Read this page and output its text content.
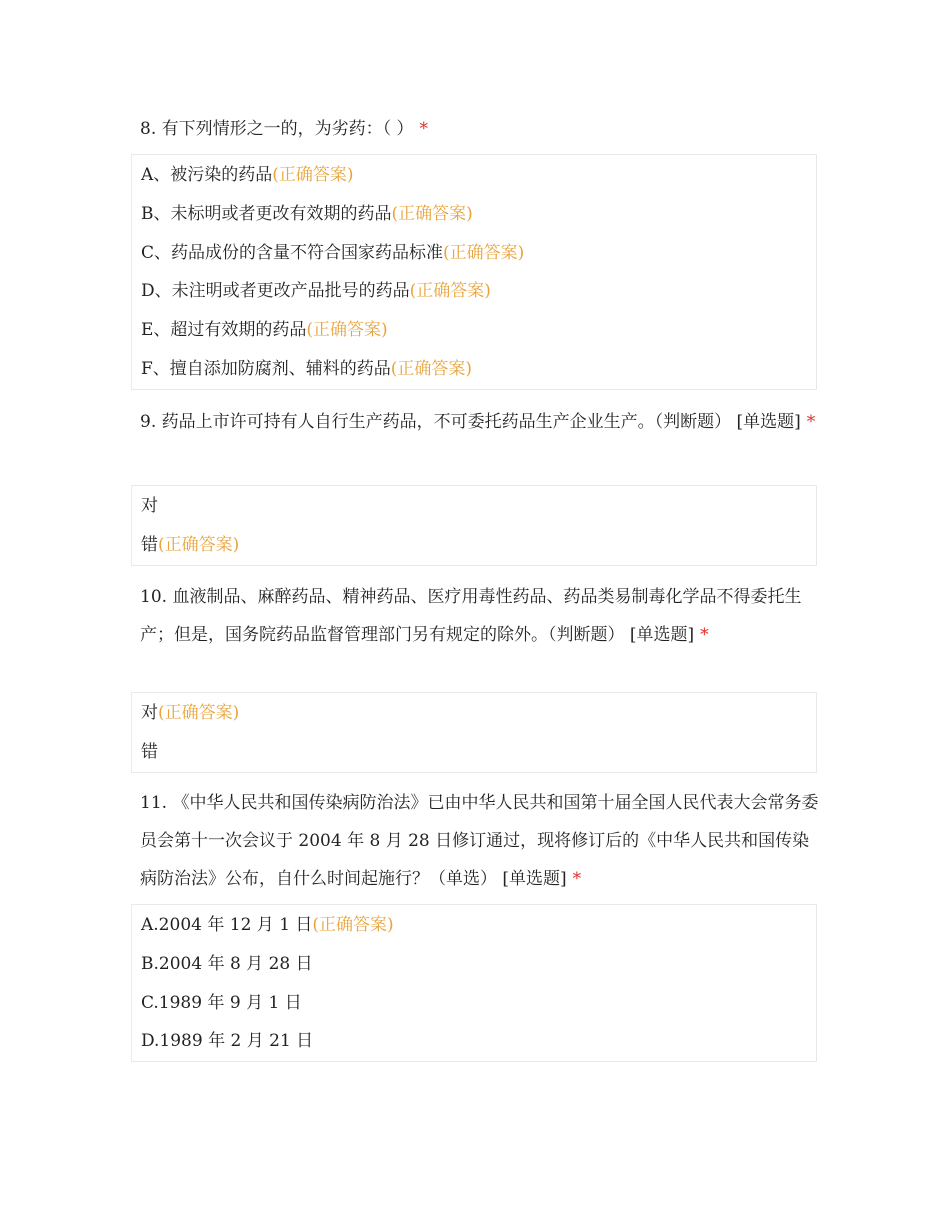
8. 有下列情形之一的，为劣药：（ ） *
A、被污染的药品(正确答案)
B、未标明或者更改有效期的药品(正确答案)
C、药品成份的含量不符合国家药品标准(正确答案)
D、未注明或者更改产品批号的药品(正确答案)
E、超过有效期的药品(正确答案)
F、擅自添加防腐剂、辅料的药品(正确答案)
9. 药品上市许可持有人自行生产药品，不可委托药品生产企业生产。（判断题） [单选题] *
对
错(正确答案)
10. 血液制品、麻醉药品、精神药品、医疗用毒性药品、药品类易制毒化学品不得委托生产；但是，国务院药品监督管理部门另有规定的除外。（判断题） [单选题] *
对(正确答案)
错
11. 《中华人民共和国传染病防治法》已由中华人民共和国第十届全国人民代表大会常务委员会第十一次会议于 2004 年 8 月 28 日修订通过，现将修订后的《中华人民共和国传染病防治法》公布，自什么时间起施行？（单选） [单选题] *
A.2004 年 12 月 1 日(正确答案)
B.2004 年 8 月 28 日
C.1989 年 9 月 1 日
D.1989 年 2 月 21 日
